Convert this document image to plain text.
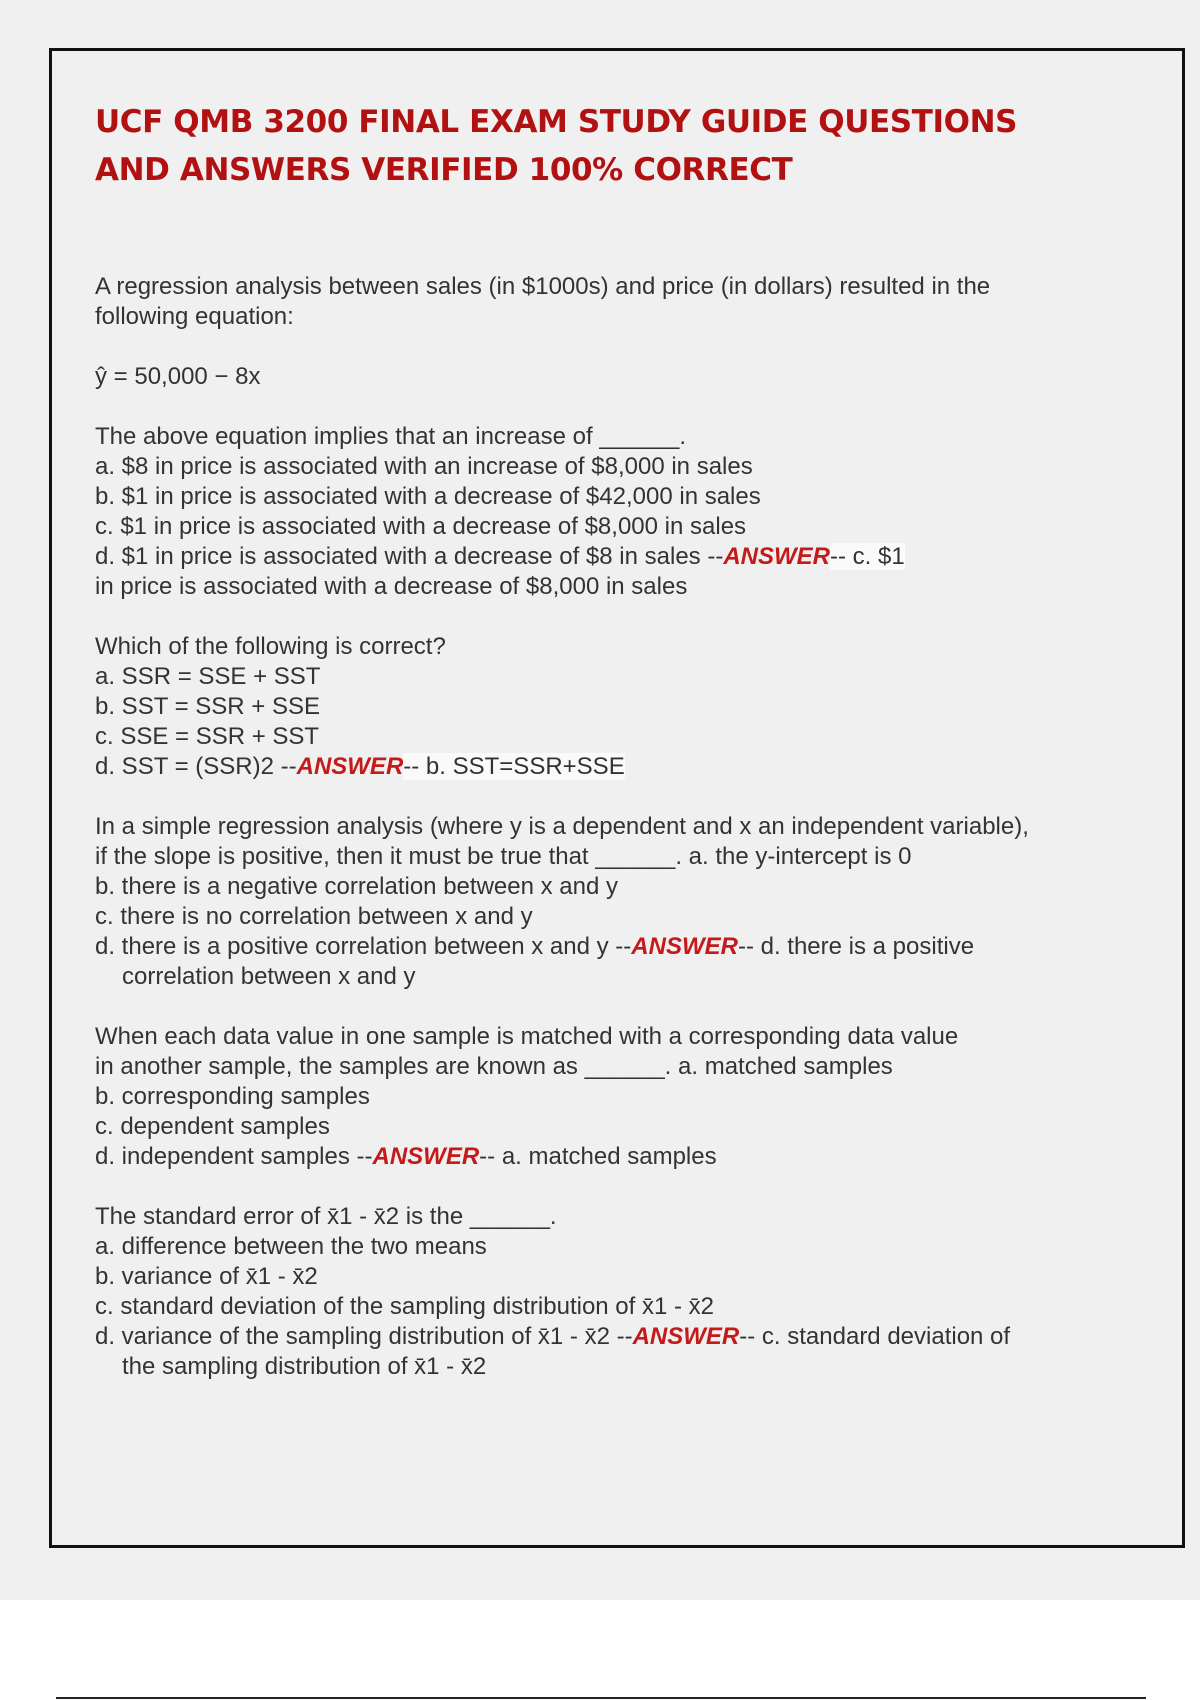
UCF QMB 3200 FINAL EXAM STUDY GUIDE QUESTIONS
AND ANSWERS VERIFIED 100% CORRECT

A regression analysis between sales (in $1000s) and price (in dollars) resulted in the

following equation:

ŷ = 50,000 − 8x

The above equation implies that an increase of ______.

a. $8 in price is associated with an increase of $8,000 in sales

b. $1 in price is associated with a decrease of $42,000 in sales

c. $1 in price is associated with a decrease of $8,000 in sales

d. $1 in price is associated with a decrease of $8 in sales --ANSWER-- c. $1

in price is associated with a decrease of $8,000 in sales

Which of the following is correct?

a. SSR = SSE + SST

b. SST = SSR + SSE

c. SSE = SSR + SST

d. SST = (SSR)2 --ANSWER-- b. SST=SSR+SSE

In a simple regression analysis (where y is a dependent and x an independent variable),

if the slope is positive, then it must be true that ______. a. the y-intercept is 0

b. there is a negative correlation between x and y

c. there is no correlation between x and y

d. there is a positive correlation between x and y --ANSWER-- d. there is a positive

correlation between x and y

When each data value in one sample is matched with a corresponding data value

in another sample, the samples are known as ______. a. matched samples

b. corresponding samples

c. dependent samples

d. independent samples --ANSWER-- a. matched samples

The standard error of x̄1 - x̄2 is the ______.

a. difference between the two means

b. variance of x̄1 - x̄2

c. standard deviation of the sampling distribution of x̄1 - x̄2

d. variance of the sampling distribution of x̄1 - x̄2 --ANSWER-- c. standard deviation of

the sampling distribution of x̄1 - x̄2
